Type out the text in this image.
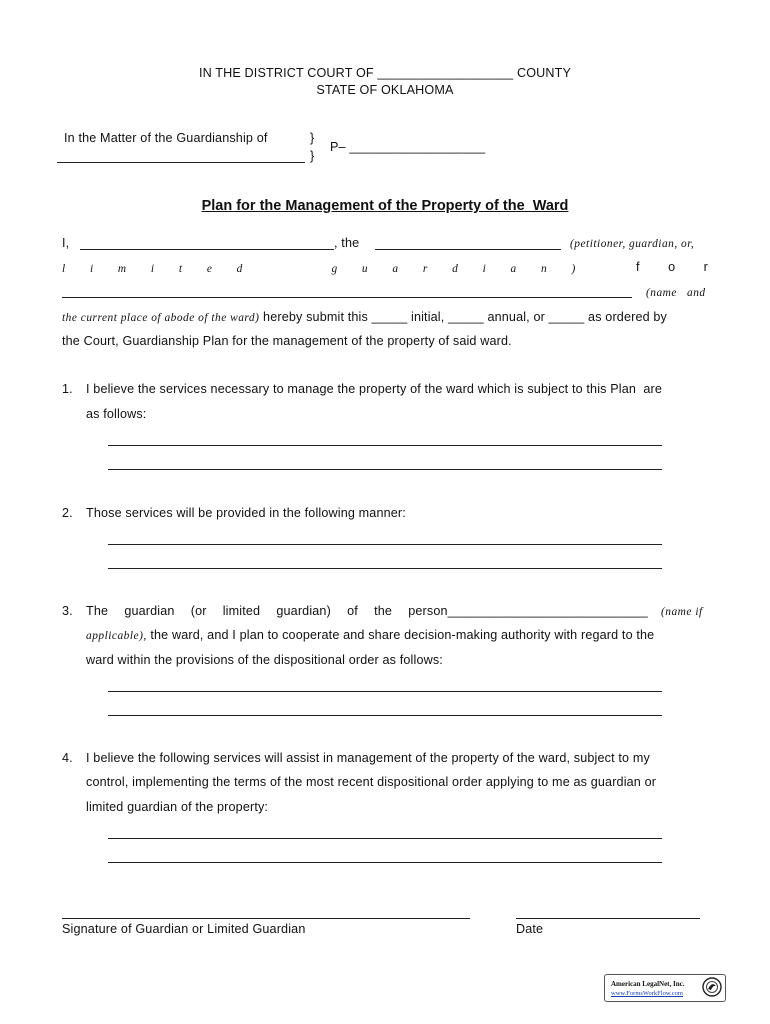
IN THE DISTRICT COURT OF ___________________ COUNTY
STATE OF OKLAHOMA
In the Matter of the Guardianship of	}
}
P– ___________________
Plan for the Management of the Property of the  Ward
I,	, the	(petitioner, guardian, or,
l i m i t e d	g u a r d i a n )	f o r
(name   and
the current place of abode of the ward) hereby submit this _____ initial, _____ annual, or _____ as ordered by
the Court, Guardianship Plan for the management of the property of said ward.
1. I believe the services necessary to manage the property of the ward which is subject to this Plan  are
as follows:
2. Those services will be provided in the following manner:
3. The guardian (or limited guardian) of the person____________________________ (name if
applicable), the ward, and I plan to cooperate and share decision-making authority with regard to the
ward within the provisions of the dispositional order as follows:
4. I believe the following services will assist in management of the property of the ward, subject to my
control, implementing the terms of the most recent dispositional order applying to me as guardian or
limited guardian of the property:
Signature of Guardian or Limited Guardian	Date
American LegalNet, Inc.
www.FormsWorkFlow.com
